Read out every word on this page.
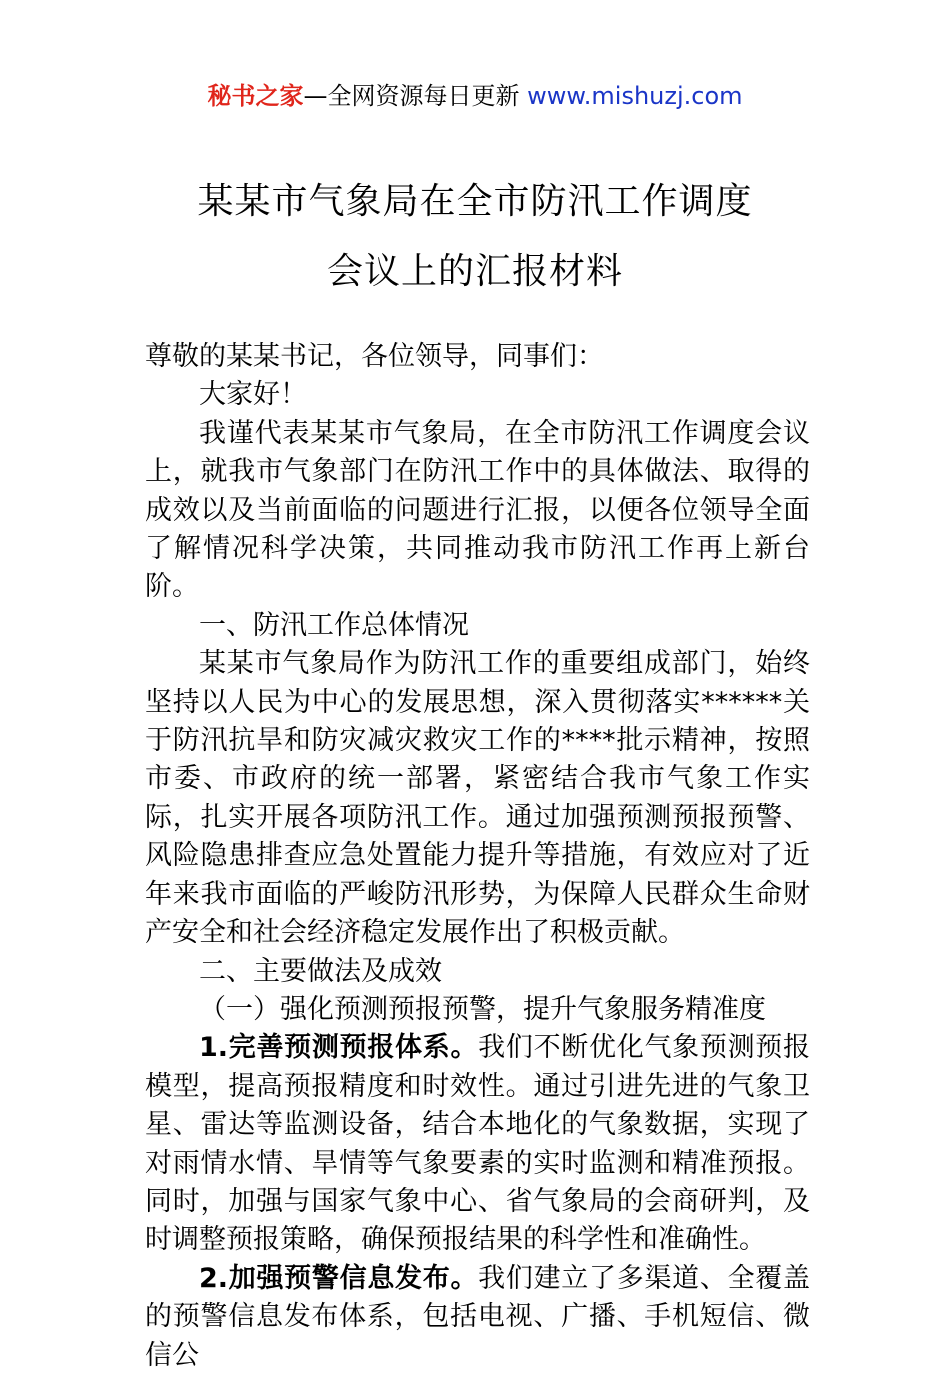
秘书之家—全网资源每日更新 www.mishuzj.com
某某市气象局在全市防汛工作调度
会议上的汇报材料

尊敬的某某书记，各位领导，同事们：

大家好！

我谨代表某某市气象局，在全市防汛工作调度会议上，就我市气象部门在防汛工作中的具体做法、取得的成效以及当前面临的问题进行汇报，以便各位领导全面了解情况科学决策，共同推动我市防汛工作再上新台阶。

一、防汛工作总体情况

某某市气象局作为防汛工作的重要组成部门，始终坚持以人民为中心的发展思想，深入贯彻落实******关于防汛抗旱和防灾减灾救灾工作的****批示精神，按照市委、市政府的统一部署，紧密结合我市气象工作实际，扎实开展各项防汛工作。通过加强预测预报预警、风险隐患排查应急处置能力提升等措施，有效应对了近年来我市面临的严峻防汛形势，为保障人民群众生命财产安全和社会经济稳定发展作出了积极贡献。

二、主要做法及成效

（一）强化预测预报预警，提升气象服务精准度

1.完善预测预报体系。我们不断优化气象预测预报模型，提高预报精度和时效性。通过引进先进的气象卫星、雷达等监测设备，结合本地化的气象数据，实现了对雨情水情、旱情等气象要素的实时监测和精准预报。同时，加强与国家气象中心、省气象局的会商研判，及时调整预报策略，确保预报结果的科学性和准确性。

2.加强预警信息发布。我们建立了多渠道、全覆盖的预警信息发布体系，包括电视、广播、手机短信、微信公
